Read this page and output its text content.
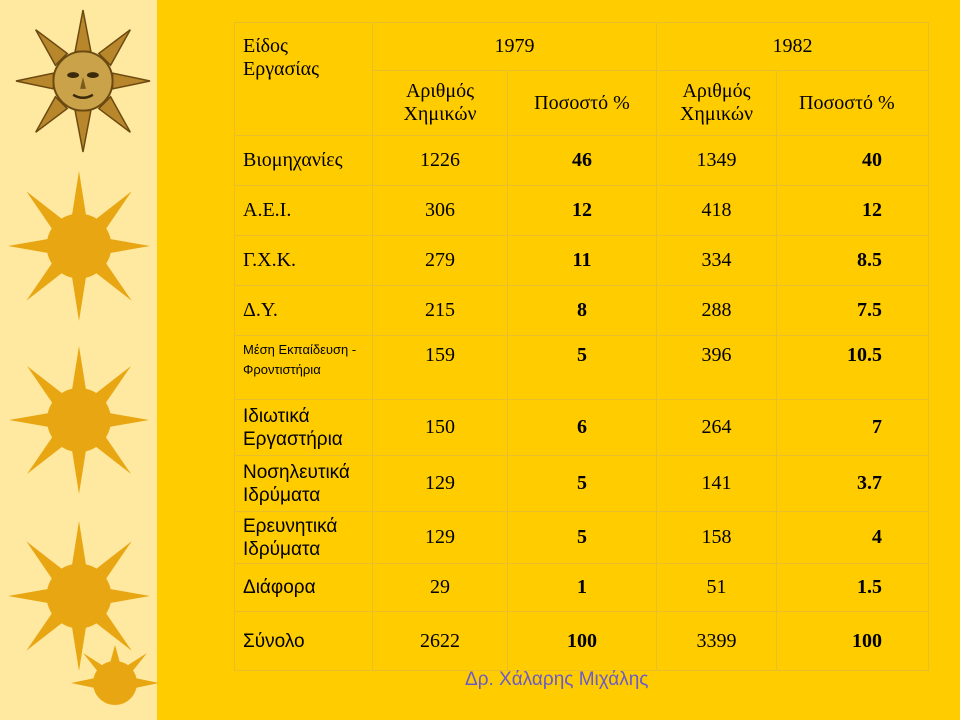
Είδος Εργασίας	1979		1982	
	Αριθμός Χημικών	Ποσοστό %	Αριθμός Χημικών	Ποσοστό %
Βιομηχανίες	1226	46	1349	40
Α.Ε.Ι.	306	12	418	12
Γ.Χ.Κ.	279	11	334	8.5
Δ.Υ.	215	8	288	7.5
Μέση Εκπαίδευση - Φροντιστήρια	159	5	396	10.5
Ιδιωτικά Εργαστήρια	150	6	264	7
Νοσηλευτικά Ιδρύματα	129	5	141	3.7
Ερευνητικά Ιδρύματα	129	5	158	4
Διάφορα	29	1	51	1.5
Σύνολο	2622	100	3399	100
Δρ. Χάλαρης Μιχάλης
